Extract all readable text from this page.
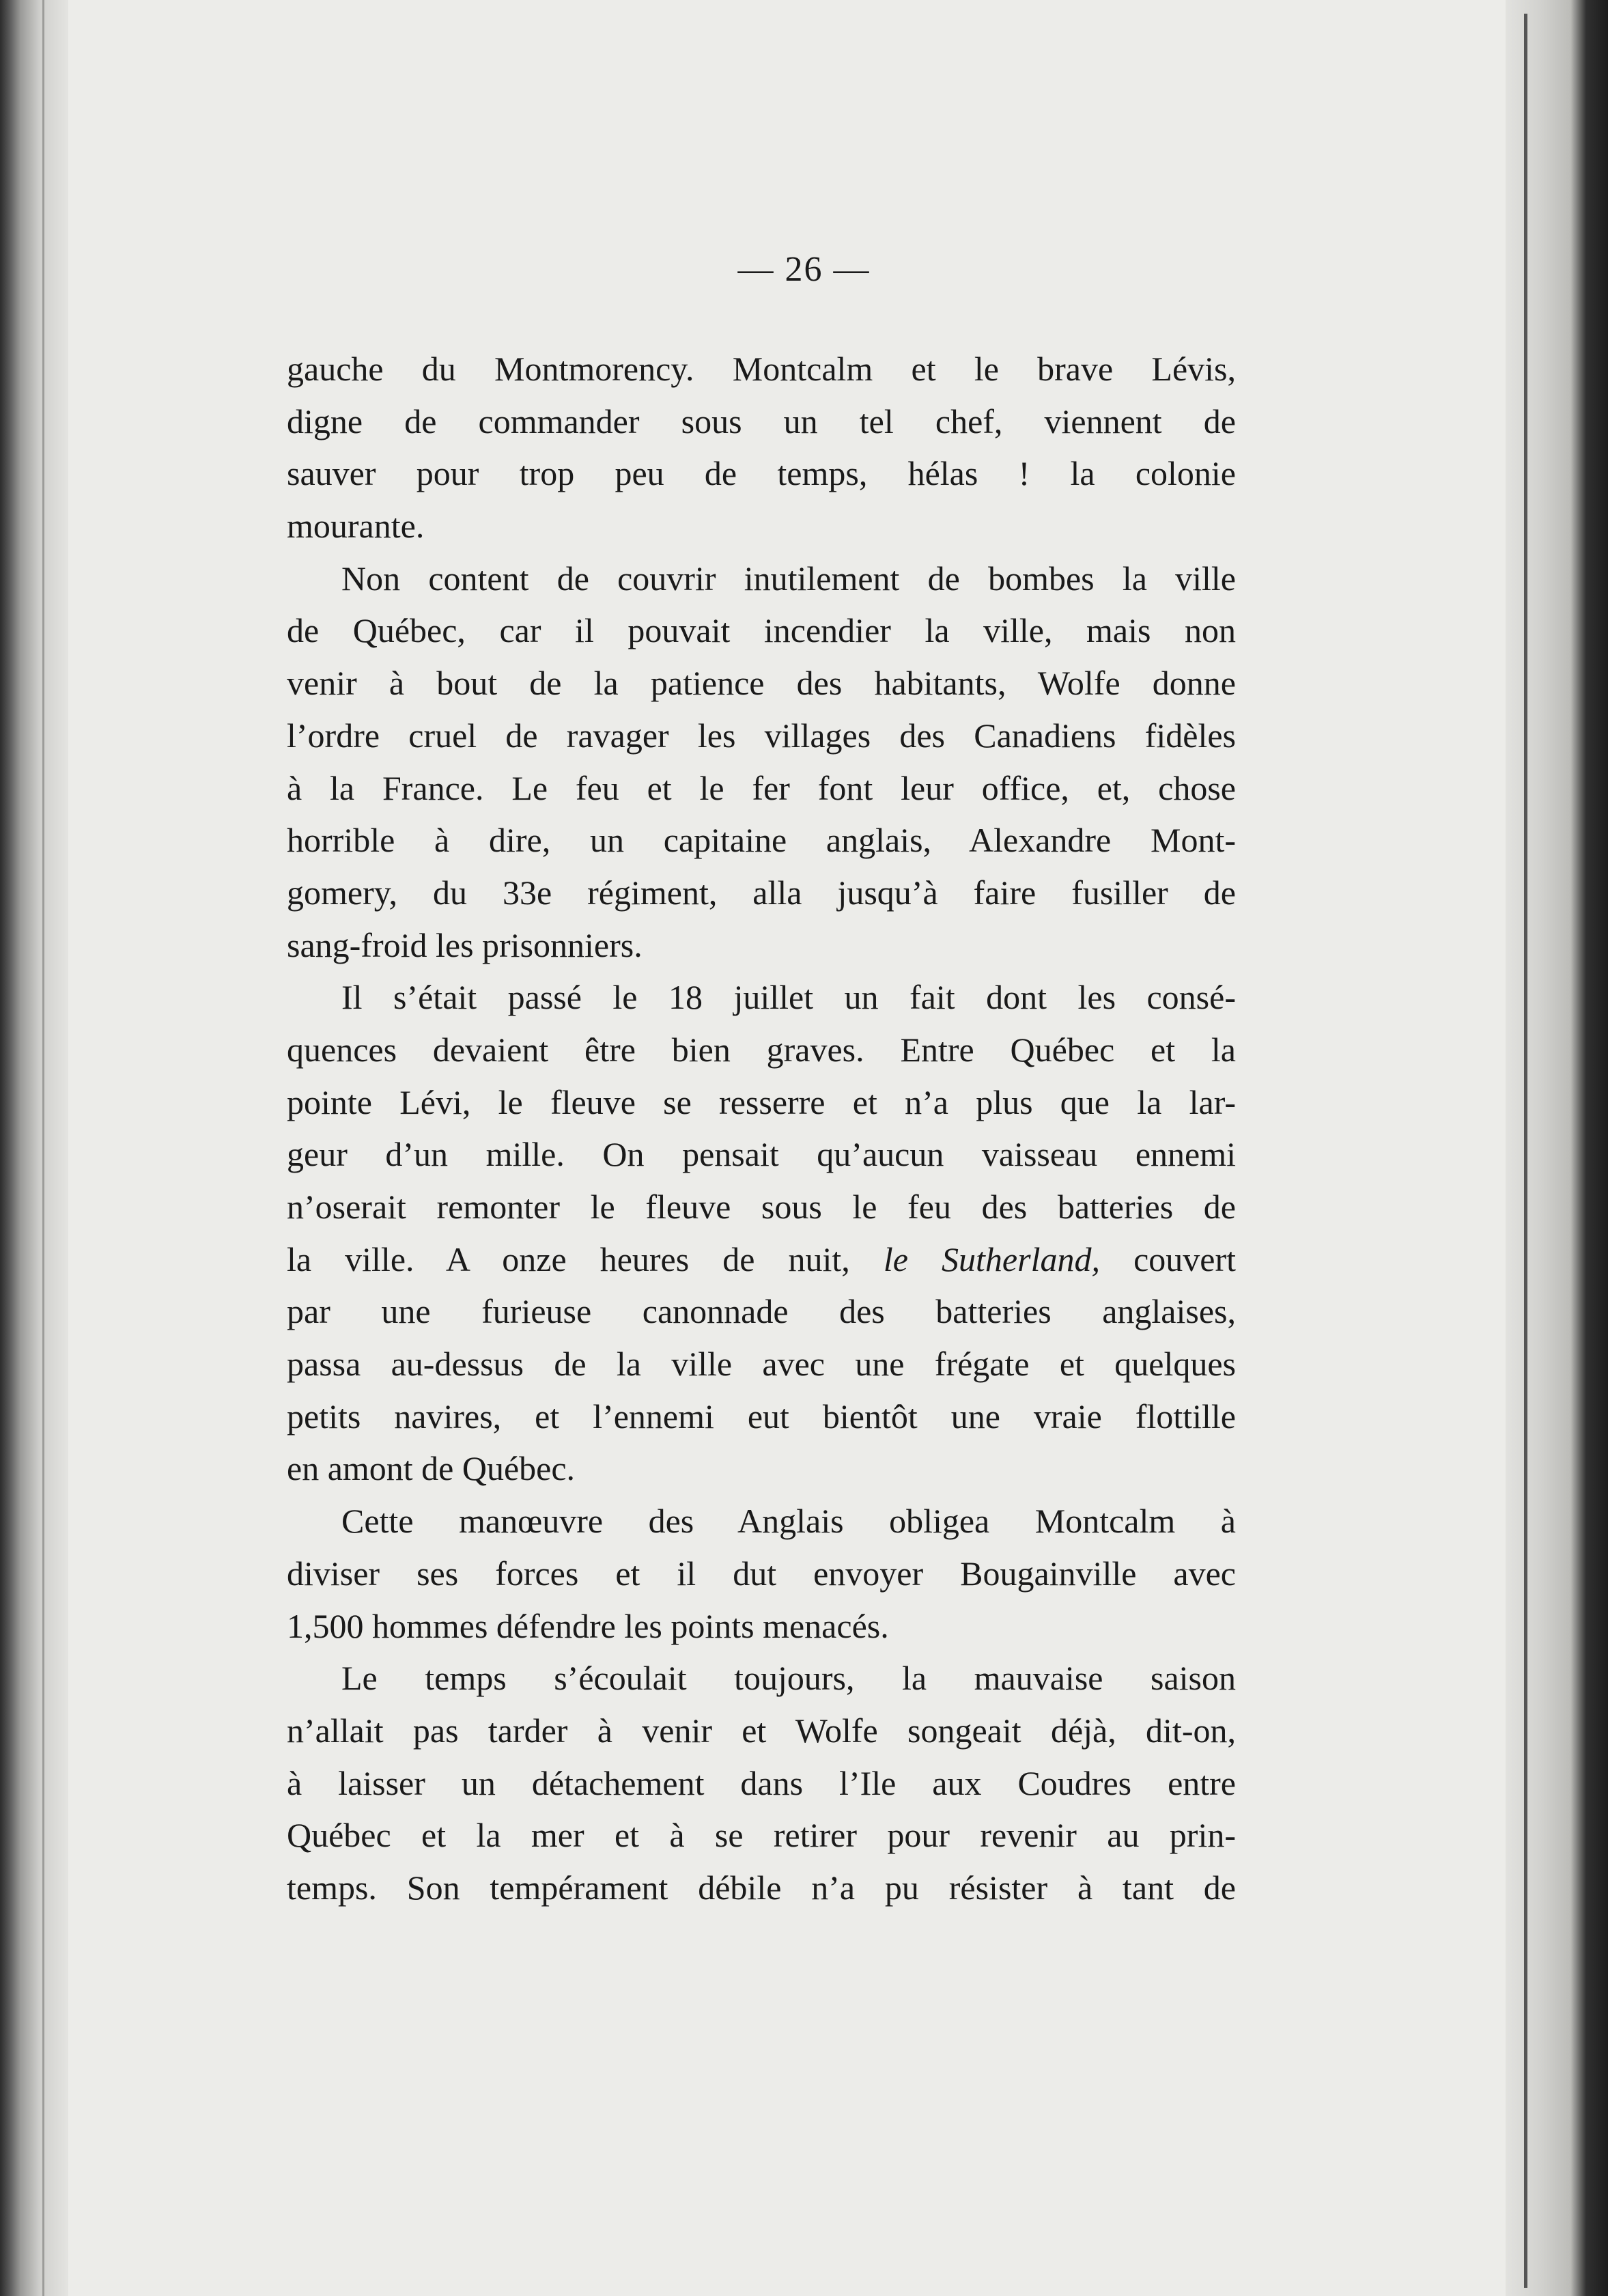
— 26 —
gauche du Montmorency. Montcalm et le brave Lévis,
digne de commander sous un tel chef, viennent de
sauver pour trop peu de temps, hélas ! la colonie
mourante.
Non content de couvrir inutilement de bombes la ville
de Québec, car il pouvait incendier la ville, mais non
venir à bout de la patience des habitants, Wolfe donne
l’ordre cruel de ravager les villages des Canadiens fidèles
à la France. Le feu et le fer font leur office, et, chose
horrible à dire, un capitaine anglais, Alexandre Mont-
gomery, du 33e régiment, alla jusqu’à faire fusiller de
sang-froid les prisonniers.
Il s’était passé le 18 juillet un fait dont les consé-
quences devaient être bien graves. Entre Québec et la
pointe Lévi, le fleuve se resserre et n’a plus que la lar-
geur d’un mille. On pensait qu’aucun vaisseau ennemi
n’oserait remonter le fleuve sous le feu des batteries de
la ville. A onze heures de nuit, le Sutherland, couvert
par une furieuse canonnade des batteries anglaises,
passa au-dessus de la ville avec une frégate et quelques
petits navires, et l’ennemi eut bientôt une vraie flottille
en amont de Québec.
Cette manœuvre des Anglais obligea Montcalm à
diviser ses forces et il dut envoyer Bougainville avec
1,500 hommes défendre les points menacés.
Le temps s’écoulait toujours, la mauvaise saison
n’allait pas tarder à venir et Wolfe songeait déjà, dit-on,
à laisser un détachement dans l’Ile aux Coudres entre
Québec et la mer et à se retirer pour revenir au prin-
temps. Son tempérament débile n’a pu résister à tant de
